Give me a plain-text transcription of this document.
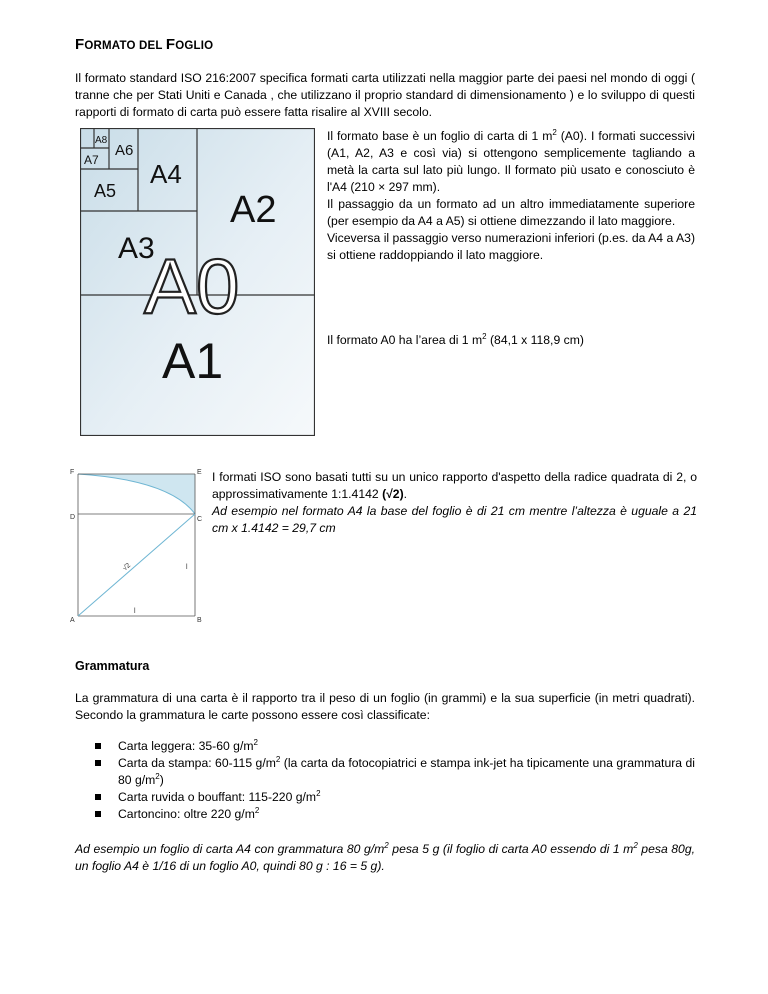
FORMATO DEL FOGLIO
Il formato standard ISO 216:2007 specifica formati carta utilizzati nella maggior parte dei paesi nel mondo di oggi ( tranne che per Stati Uniti e Canada , che utilizzano il proprio standard di dimensionamento ) e lo sviluppo di questi rapporti di formato di carta può essere fatta risalire al XVIII secolo.
A8
A6
A7 A4
A5	A2
A3
A0
A1

Il formato base è un foglio di carta di 1 $m^2$ (A0). I formati successivi (A1, A2, A3 e così via) si ottengono semplicemente tagliando a metà la carta sul lato più lungo. Il formato più usato e conosciuto è l'A4 (210 × 297 mm).

Il passaggio da un formato ad un altro immediatamente superiore (per esempio da A4 a A5) si ottiene dimezzando il lato maggiore.

Viceversa il passaggio verso numerazioni inferiori (p.es. da A4 a A3) si ottiene raddoppiando il lato maggiore.

Il formato A0 ha l’area di 1 $m^2$ (84,1 x 118,9 cm)
F	E
D	C
A	B
√2	l
l

I formati ISO sono basati tutti su un unico rapporto d'aspetto della radice quadrata di 2, o approssimativamente 1:1.4142 (√2).

Ad esempio nel formato A4 la base del foglio è di 21 cm mentre l’altezza è uguale a 21 cm x 1.4142 = 29,7 cm

Grammatura
La grammatura di una carta è il rapporto tra il peso di un foglio (in grammi) e la sua superficie (in metri quadrati). Secondo la grammatura le carte possono essere così classificate:
Carta leggera: 35-60 $g/m^2$
Carta da stampa: 60-115 $g/m^2$ (la carta da fotocopiatrici e stampa ink-jet ha tipicamente una grammatura di 80 $g/m^2$)
Carta ruvida o bouffant: 115-220 $g/m^2$
Cartoncino: oltre 220 $g/m^2$
Ad esempio un foglio di carta A4 con grammatura 80 $g/m^2$ pesa 5 g (il foglio di carta A0 essendo di 1 $m^2$ pesa 80g, un foglio A4 è 1/16 di un foglio A0, quindi 80 g : 16 = 5 g).
